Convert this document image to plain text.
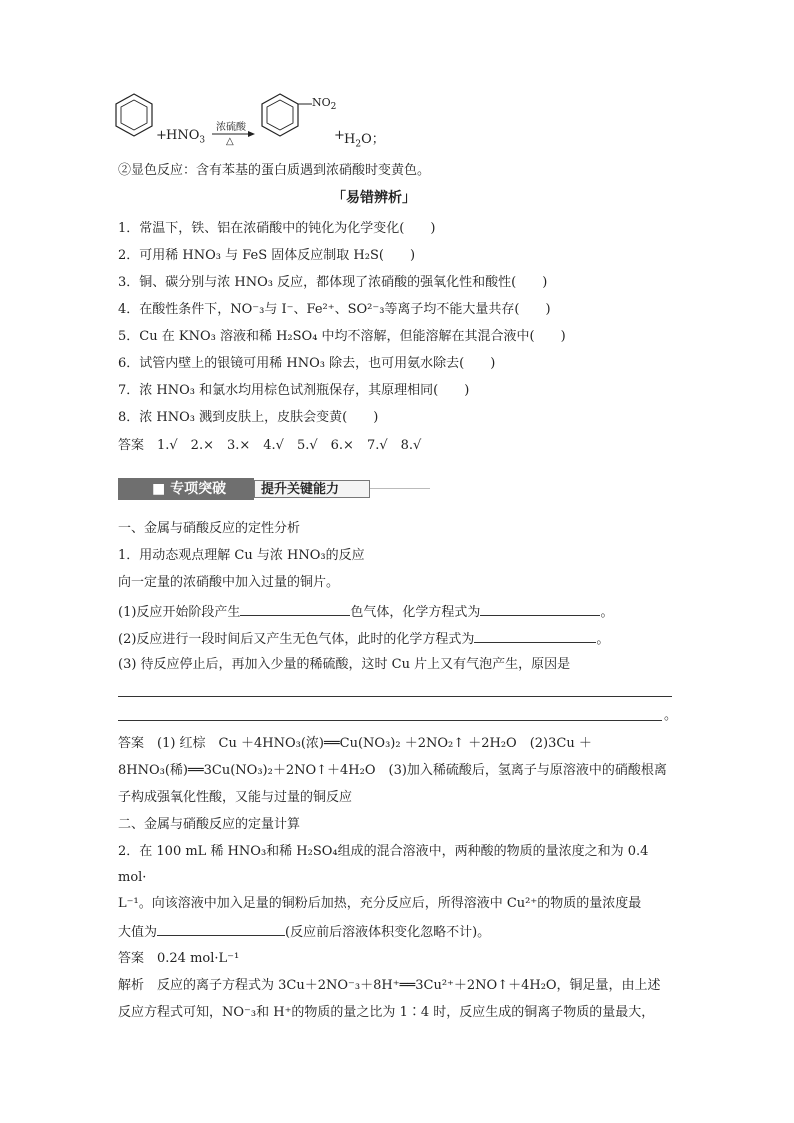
+ $HNO_3$
浓硫酸
△
$NO_2$
+ $H_2O$；
②显色反应：含有苯基的蛋白质遇到浓硝酸时变黄色。
「易错辨析」
1．常温下，铁、铝在浓硝酸中的钝化为化学变化(　　)
2．可用稀 HNO₃ 与 FeS 固体反应制取 H₂S(　　)
3．铜、碳分别与浓 HNO₃ 反应，都体现了浓硝酸的强氧化性和酸性(　　)
4．在酸性条件下，NO⁻₃与 I⁻、Fe²⁺、SO²⁻₃等离子均不能大量共存(　　)
5．Cu 在 KNO₃ 溶液和稀 H₂SO₄ 中均不溶解，但能溶解在其混合液中(　　)
6．试管内壁上的银镜可用稀 HNO₃ 除去，也可用氨水除去(　　)
7．浓 HNO₃ 和氯水均用棕色试剂瓶保存，其原理相同(　　)
8．浓 HNO₃ 溅到皮肤上，皮肤会变黄(　　)
答案　1.√　2.×　3.×　4.√　5.√　6.×　7.√　8.√
■ 专项突破	提升关键能力
一、金属与硝酸反应的定性分析
1．用动态观点理解 Cu 与浓 HNO₃的反应
向一定量的浓硝酸中加入过量的铜片。
(1)反应开始阶段产生	色气体，化学方程式为	。
(2)反应进行一段时间后又产生无色气体，此时的化学方程式为	。
(3) 待反应停止后，再加入少量的稀硫酸，这时 Cu 片上又有气泡产生，原因是
。
答案　(1) 红棕　Cu ＋4HNO₃(浓)══Cu(NO₃)₂ ＋2NO₂↑ ＋2H₂O　(2)3Cu ＋
8HNO₃(稀)══3Cu(NO₃)₂＋2NO↑＋4H₂O　(3)加入稀硫酸后，氢离子与原溶液中的硝酸根离
子构成强氧化性酸，又能与过量的铜反应
二、金属与硝酸反应的定量计算
2．在 100 mL 稀 HNO₃和稀 H₂SO₄组成的混合溶液中，两种酸的物质的量浓度之和为 0.4
mol·
L⁻¹。向该溶液中加入足量的铜粉后加热，充分反应后，所得溶液中 Cu²⁺的物质的量浓度最
大值为	(反应前后溶液体积变化忽略不计)。
答案　0.24 mol·L⁻¹
解析　反应的离子方程式为 3Cu＋2NO⁻₃＋8H⁺══3Cu²⁺＋2NO↑＋4H₂O，铜足量，由上述
反应方程式可知，NO⁻₃和 H⁺的物质的量之比为 1∶4 时，反应生成的铜离子物质的量最大，
